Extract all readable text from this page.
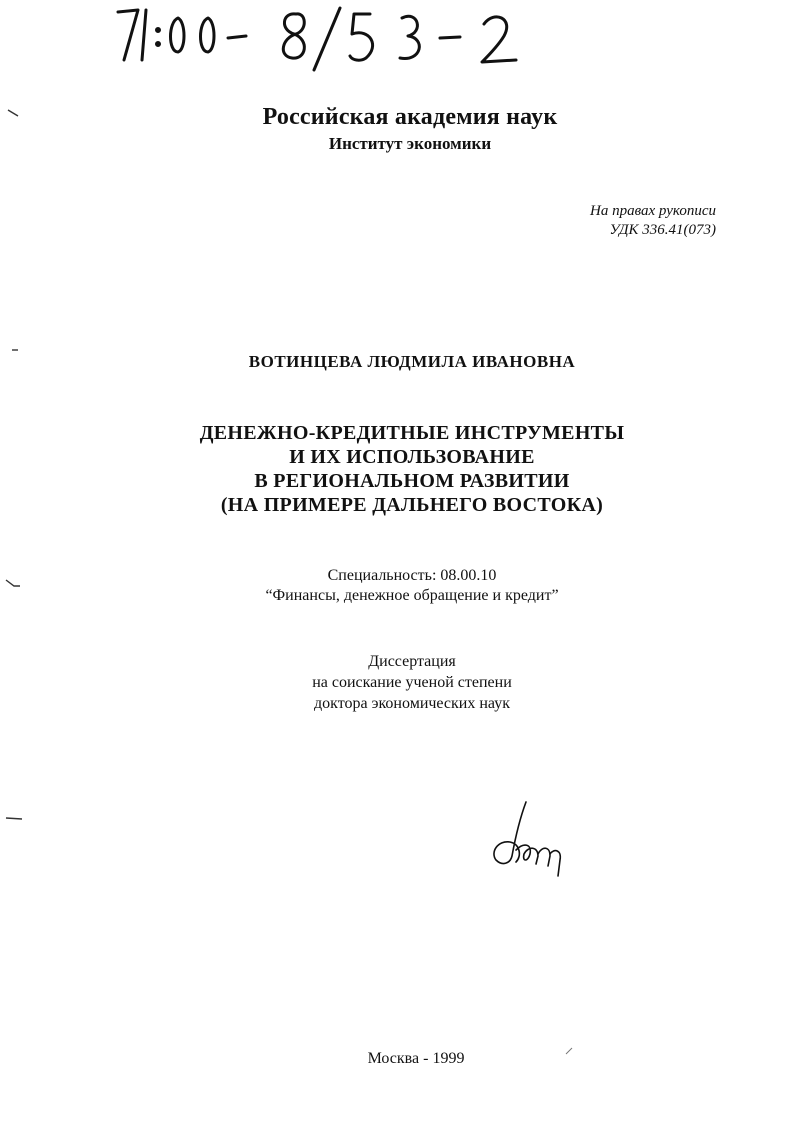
Российская академия наук
Институт экономики
На правах рукописи
УДК 336.41(073)
ВОТИНЦЕВА ЛЮДМИЛА ИВАНОВНА
ДЕНЕЖНО-КРЕДИТНЫЕ ИНСТРУМЕНТЫ
И ИХ ИСПОЛЬЗОВАНИЕ
В РЕГИОНАЛЬНОМ РАЗВИТИИ
(НА ПРИМЕРЕ ДАЛЬНЕГО ВОСТОКА)
Специальность: 08.00.10
“Финансы, денежное обращение и кредит”
Диссертация
на соискание ученой степени
доктора экономических наук
Москва - 1999
